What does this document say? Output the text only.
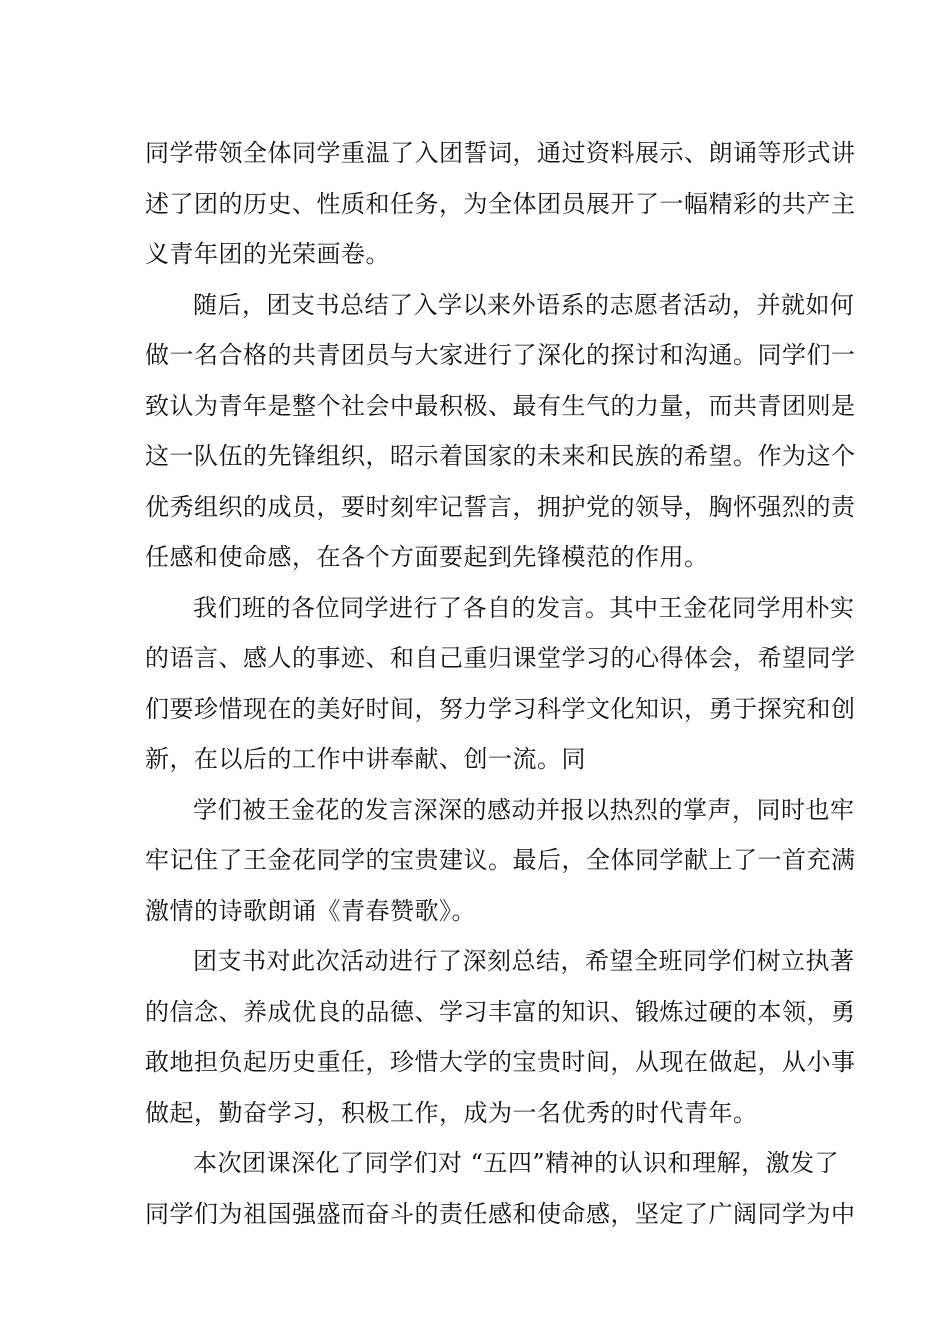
同学带领全体同学重温了入团誓词，通过资料展示、朗诵等形式讲
述了团的历史、性质和任务，为全体团员展开了一幅精彩的共产主
义青年团的光荣画卷。
随后，团支书总结了入学以来外语系的志愿者活动，并就如何
做一名合格的共青团员与大家进行了深化的探讨和沟通。同学们一
致认为青年是整个社会中最积极、最有生气的力量，而共青团则是
这一队伍的先锋组织，昭示着国家的未来和民族的希望。作为这个
优秀组织的成员，要时刻牢记誓言，拥护党的领导，胸怀强烈的责
任感和使命感，在各个方面要起到先锋模范的作用。
我们班的各位同学进行了各自的发言。其中王金花同学用朴实
的语言、感人的事迹、和自己重归课堂学习的心得体会，希望同学
们要珍惜现在的美好时间，努力学习科学文化知识，勇于探究和创
新，在以后的工作中讲奉献、创一流。同
学们被王金花的发言深深的感动并报以热烈的掌声，同时也牢
牢记住了王金花同学的宝贵建议。最后，全体同学献上了一首充满
激情的诗歌朗诵《青春赞歌》。
团支书对此次活动进行了深刻总结，希望全班同学们树立执著
的信念、养成优良的品德、学习丰富的知识、锻炼过硬的本领，勇
敢地担负起历史重任，珍惜大学的宝贵时间，从现在做起，从小事
做起，勤奋学习，积极工作，成为一名优秀的时代青年。
本次团课深化了同学们对 “五四”精神的认识和理解，激发了
同学们为祖国强盛而奋斗的责任感和使命感，坚定了广阔同学为中
